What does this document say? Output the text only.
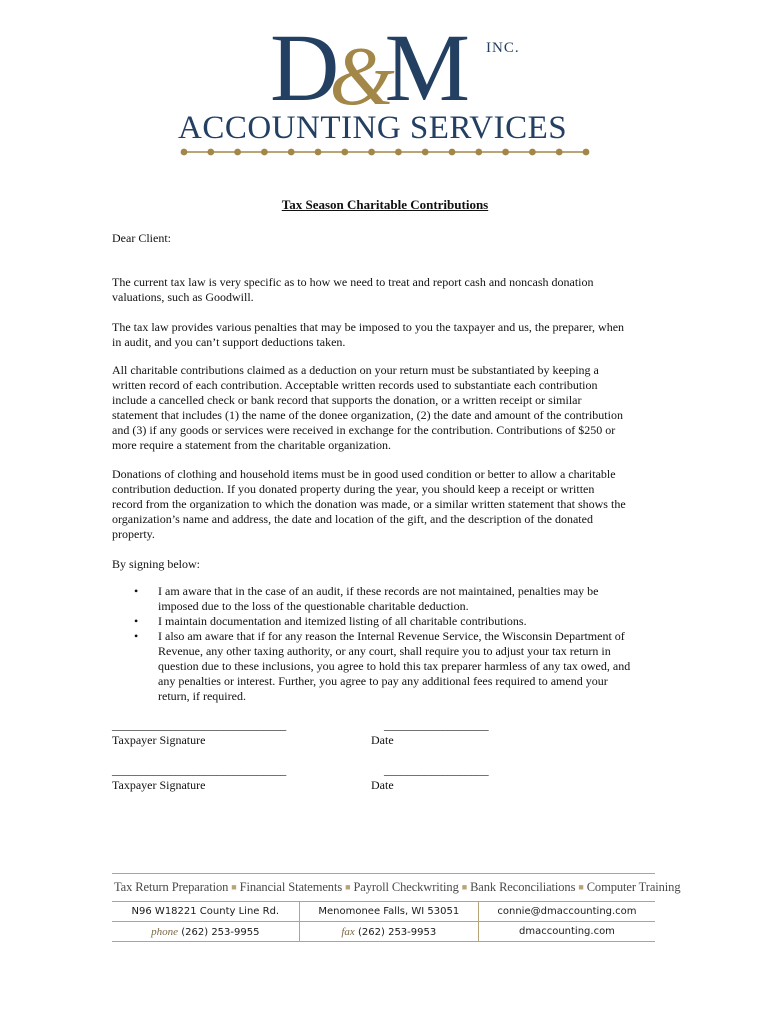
D&M	INC.
ACCOUNTING SERVICES
Tax Season Charitable Contributions
Dear Client:
The current tax law is very specific as to how we need to treat and report cash and noncash donation
valuations, such as Goodwill.
The tax law provides various penalties that may be imposed to you the taxpayer and us, the preparer, when
in audit, and you can’t support deductions taken.
All charitable contributions claimed as a deduction on your return must be substantiated by keeping a
written record of each contribution. Acceptable written records used to substantiate each contribution
include a cancelled check or bank record that supports the donation, or a written receipt or similar
statement that includes (1) the name of the donee organization, (2) the date and amount of the contribution
and (3) if any goods or services were received in exchange for the contribution. Contributions of $250 or
more require a statement from the charitable organization.
Donations of clothing and household items must be in good used condition or better to allow a charitable
contribution deduction. If you donated property during the year, you should keep a receipt or written
record from the organization to which the donation was made, or a similar written statement that shows the
organization’s name and address, the date and location of the gift, and the description of the donated
property.
By signing below:
• I am aware that in the case of an audit, if these records are not maintained, penalties may be
imposed due to the loss of the questionable charitable deduction.
• I maintain documentation and itemized listing of all charitable contributions.
• I also am aware that if for any reason the Internal Revenue Service, the Wisconsin Department of
Revenue, any other taxing authority, or any court, shall require you to adjust your tax return in
question due to these inclusions, you agree to hold this tax preparer harmless of any tax owed, and
any penalties or interest. Further, you agree to pay any additional fees required to amend your
return, if required.
______________________________	__________________
Taxpayer Signature	Date
______________________________	__________________
Taxpayer Signature	Date
Tax Return Preparation ■ Financial Statements ■ Payroll Checkwriting ■ Bank Reconciliations ■ Computer Training
N96 W18221 County Line Rd.	Menomonee Falls, WI 53051	connie@dmaccounting.com
phone (262) 253-9955	fax (262) 253-9953	dmaccounting.com
